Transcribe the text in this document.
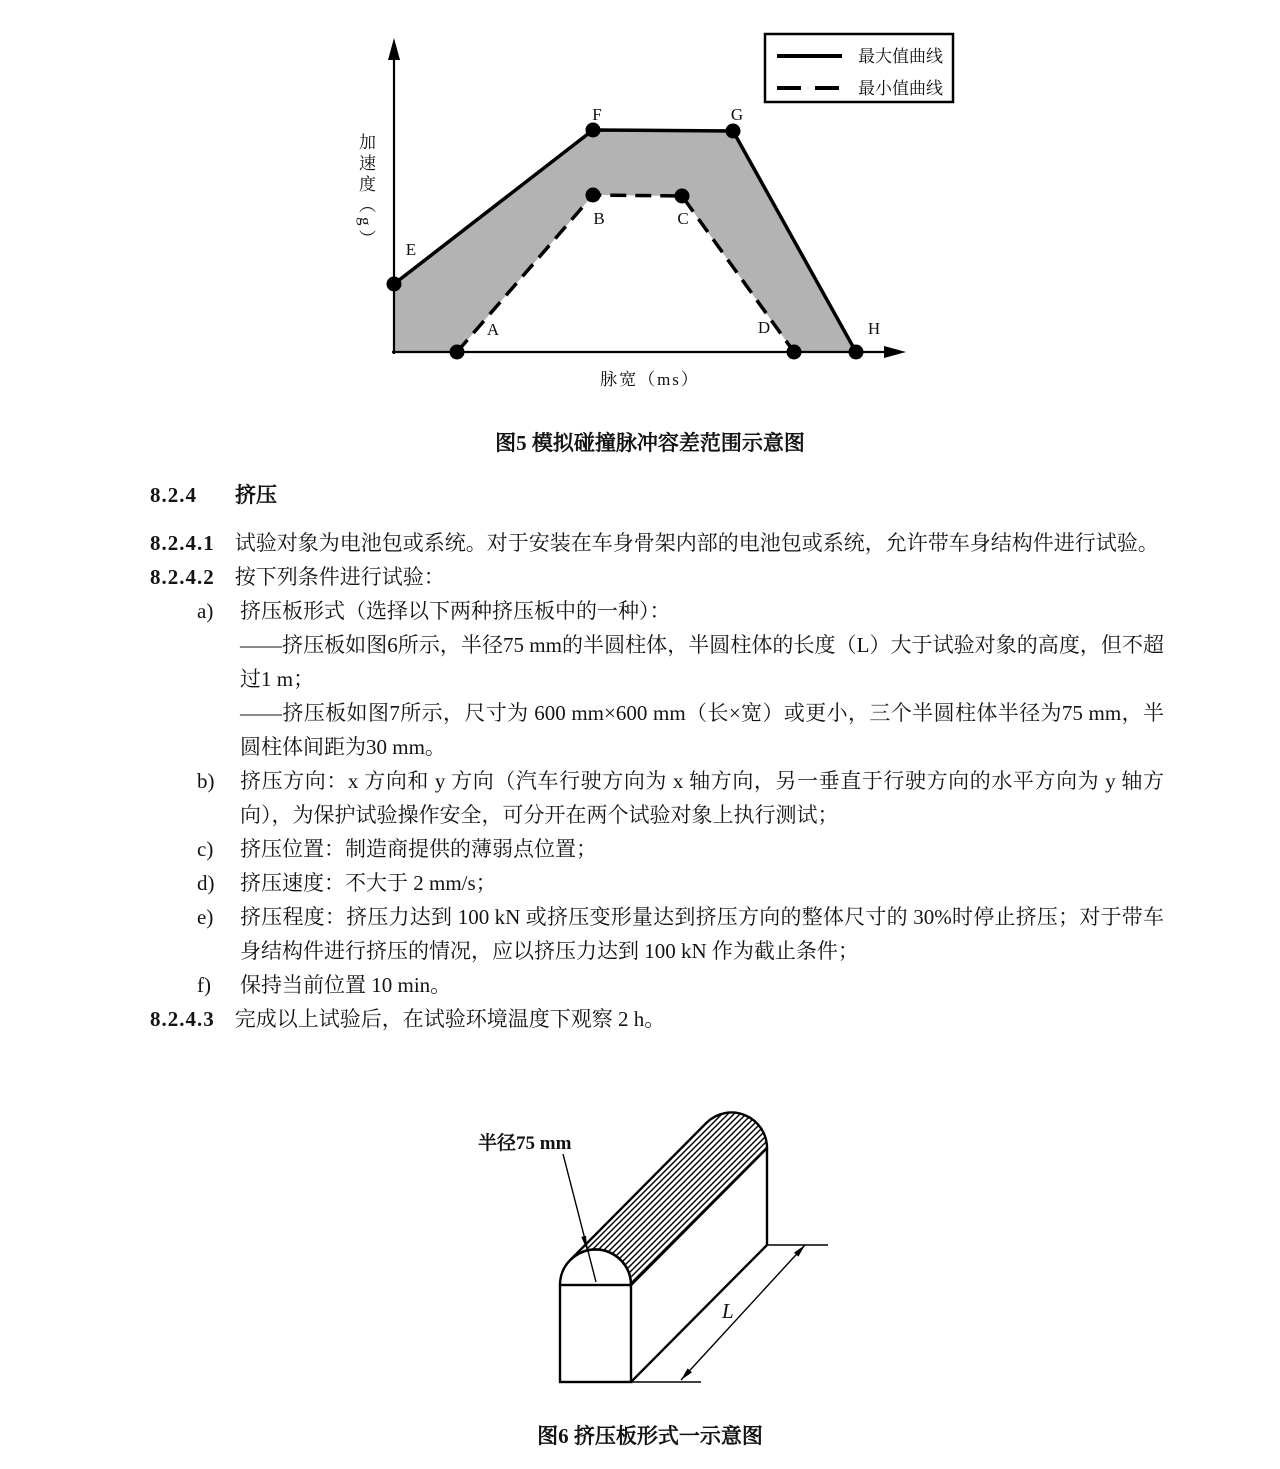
E
F	G
H
A
B	C
D
最大值曲线
最小值曲线
脉宽（ms）
加速度（g）
图5 模拟碰撞脉冲容差范围示意图

8.2.4 挤压

8.2.4.1 试验对象为电池包或系统。对于安装在车身骨架内部的电池包或系统，允许带车身结构件进行试验。

8.2.4.2 按下列条件进行试验：

a) 挤压板形式（选择以下两种挤压板中的一种）：

——挤压板如图6所示，半径75 mm的半圆柱体，半圆柱体的长度（L）大于试验对象的高度，但不超过1 m；

——挤压板如图7所示，尺寸为 600 mm×600 mm（长×宽）或更小，三个半圆柱体半径为75 mm，半圆柱体间距为30 mm。

b) 挤压方向：x 方向和 y 方向（汽车行驶方向为 x 轴方向，另一垂直于行驶方向的水平方向为 y 轴方向），为保护试验操作安全，可分开在两个试验对象上执行测试；

c) 挤压位置：制造商提供的薄弱点位置；

d) 挤压速度：不大于 2 mm/s；

e) 挤压程度：挤压力达到 100 kN 或挤压变形量达到挤压方向的整体尺寸的 30%时停止挤压；对于带车身结构件进行挤压的情况，应以挤压力达到 100 kN 作为截止条件；

f) 保持当前位置 10 min。

8.2.4.3 完成以上试验后，在试验环境温度下观察 2 h。

半径75 mm
L
图6 挤压板形式一示意图
